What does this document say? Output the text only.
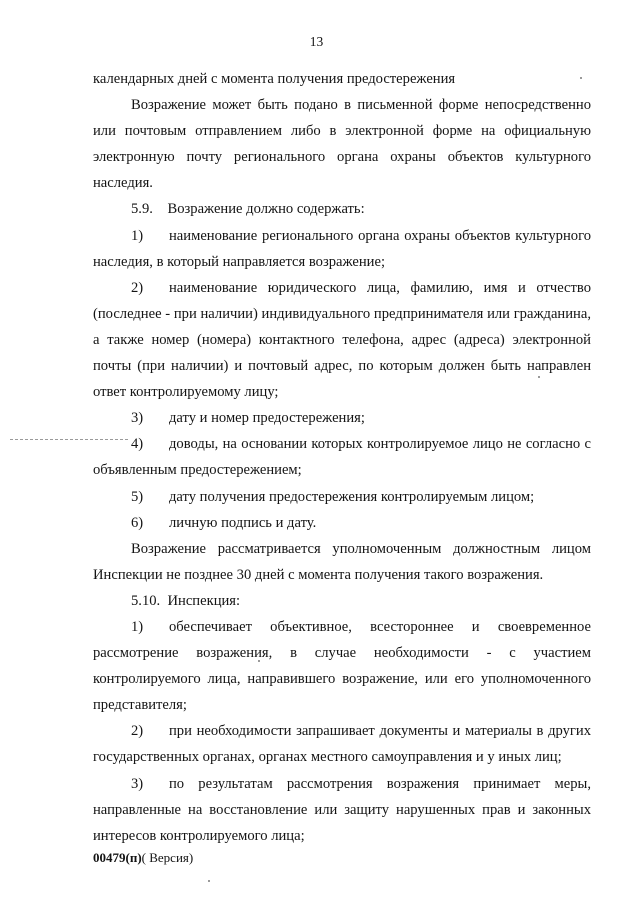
13

календарных дней с момента получения предостережения

Возражение может быть подано в письменной форме непосредственно или почтовым отправлением либо в электронной форме на официальную электронную почту регионального органа охраны объектов культурного наследия.

5.9.    Возражение должно содержать:

1) наименование регионального органа охраны объектов культурного наследия, в который направляется возражение;

2) наименование юридического лица, фамилию, имя и отчество (последнее - при наличии) индивидуального предпринимателя или гражданина, а также номер (номера) контактного телефона, адрес (адреса) электронной почты (при наличии) и почтовый адрес, по которым должен быть направлен ответ контролируемому лицу;

3) дату и номер предостережения;

4) доводы, на основании которых контролируемое лицо не согласно с объявленным предостережением;

5) дату получения предостережения контролируемым лицом;

6) личную подпись и дату.

Возражение рассматривается уполномоченным должностным лицом Инспекции не позднее 30 дней с момента получения такого возражения.

5.10.  Инспекция:

1) обеспечивает объективное, всестороннее и своевременное рассмотрение возражения, в случае необходимости - с участием контролируемого лица, направившего возражение, или его уполномоченного представителя;

2) при необходимости запрашивает документы и материалы в других государственных органах, органах местного самоуправления и у иных лиц;

3) по результатам рассмотрения возражения принимает меры, направленные на восстановление или защиту нарушенных прав и законных интересов контролируемого лица;

00479(п)( Версия)
